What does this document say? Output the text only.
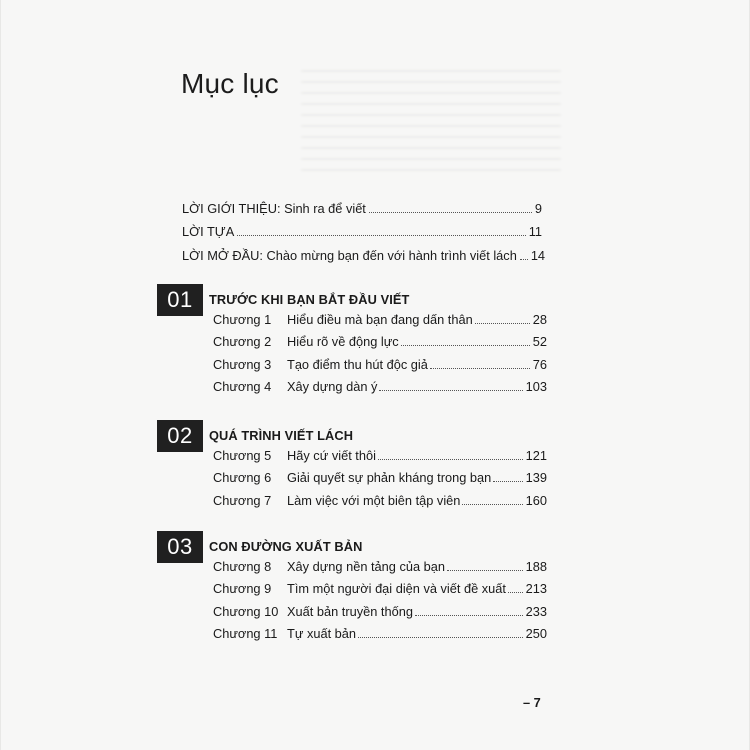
Mục lục
LỜI GIỚI THIỆU: Sinh ra để viết	9
LỜI TỰA	11
LỜI MỞ ĐẦU: Chào mừng bạn đến với hành trình viết lách 14
01	TRƯỚC KHI BẠN BẮT ĐẦU VIẾT
Chương 1	Hiểu điều mà bạn đang dấn thân	28
Chương 2	Hiểu rõ về động lực	52
Chương 3	Tạo điểm thu hút độc giả	76
Chương 4	Xây dựng dàn ý	103
02	QUÁ TRÌNH VIẾT LÁCH
Chương 5	Hãy cứ viết thôi	121
Chương 6	Giải quyết sự phản kháng trong bạn	139
Chương 7	Làm việc với một biên tập viên	160
03	CON ĐƯỜNG XUẤT BẢN
Chương 8	Xây dựng nền tảng của bạn	188
Chương 9	Tìm một người đại diện và viết đề xuất 213
Chương 10 Xuất bản truyền thống	233
Chương 11 Tự xuất bản	250
– 7
